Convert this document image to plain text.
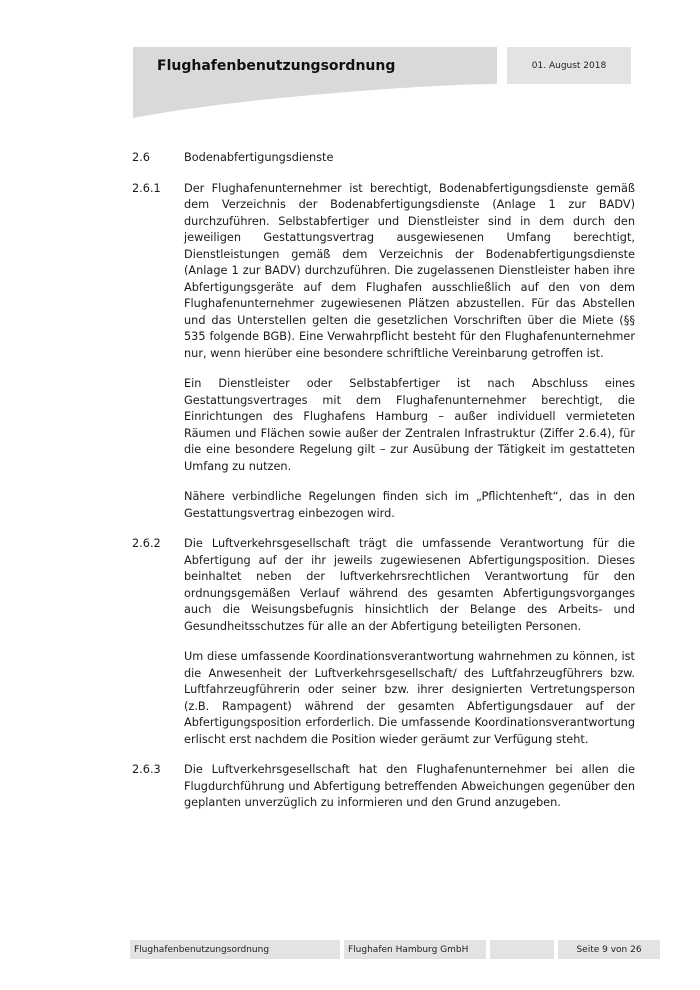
Flughafenbenutzungsordnung	01. August 2018
2.6	Bodenabfertigungsdienste
2.6.1	Der Flughafenunternehmer ist berechtigt, Bodenabfertigungsdienste gemäß dem Verzeichnis der Bodenabfertigungsdienste (Anlage 1 zur BADV) durchzuführen. Selbstabfertiger und Dienstleister sind in dem durch den jeweiligen Gestattungsvertrag ausgewiesenen Umfang berechtigt, Dienstleistungen gemäß dem Verzeichnis der Bodenabfertigungsdienste (Anlage 1 zur BADV) durchzuführen. Die zugelassenen Dienstleister haben ihre Abfertigungsgeräte auf dem Flughafen ausschließlich auf den von dem Flughafenunternehmer zugewiesenen Plätzen abzustellen. Für das Abstellen und das Unterstellen gelten die gesetzlichen Vorschriften über die Miete (§§ 535 folgende BGB). Eine Verwahrpflicht besteht für den Flughafenunternehmer nur, wenn hierüber eine besondere schriftliche Vereinbarung getroffen ist.

Ein Dienstleister oder Selbstabfertiger ist nach Abschluss eines Gestattungsvertrages mit dem Flughafenunternehmer berechtigt, die Einrichtungen des Flughafens Hamburg – außer individuell vermieteten Räumen und Flächen sowie außer der Zentralen Infrastruktur (Ziffer 2.6.4), für die eine besondere Regelung gilt – zur Ausübung der Tätigkeit im gestatteten Umfang zu nutzen.

Nähere verbindliche Regelungen finden sich im „Pflichtenheft“, das in den Gestattungsvertrag einbezogen wird.

2.6.2	Die Luftverkehrsgesellschaft trägt die umfassende Verantwortung für die Abfertigung auf der ihr jeweils zugewiesenen Abfertigungsposition. Dieses beinhaltet neben der luftverkehrsrechtlichen Verantwortung für den ordnungsgemäßen Verlauf während des gesamten Abfertigungsvorganges auch die Weisungsbefugnis hinsichtlich der Belange des Arbeits- und Gesundheitsschutzes für alle an der Abfertigung beteiligten Personen.

Um diese umfassende Koordinationsverantwortung wahrnehmen zu können, ist die Anwesenheit der Luftverkehrsgesellschaft/ des Luftfahrzeugführers bzw. Luftfahrzeugführerin oder seiner bzw. ihrer designierten Vertretungsperson (z.B. Rampagent) während der gesamten Abfertigungsdauer auf der Abfertigungsposition erforderlich. Die umfassende Koordinationsverantwortung erlischt erst nachdem die Position wieder geräumt zur Verfügung steht.

2.6.3	Die Luftverkehrsgesellschaft hat den Flughafenunternehmer bei allen die Flugdurchführung und Abfertigung betreffenden Abweichungen gegenüber den geplanten unverzüglich zu informieren und den Grund anzugeben.

Flughafenbenutzungsordnung	Flughafen Hamburg GmbH	Seite 9 von 26
